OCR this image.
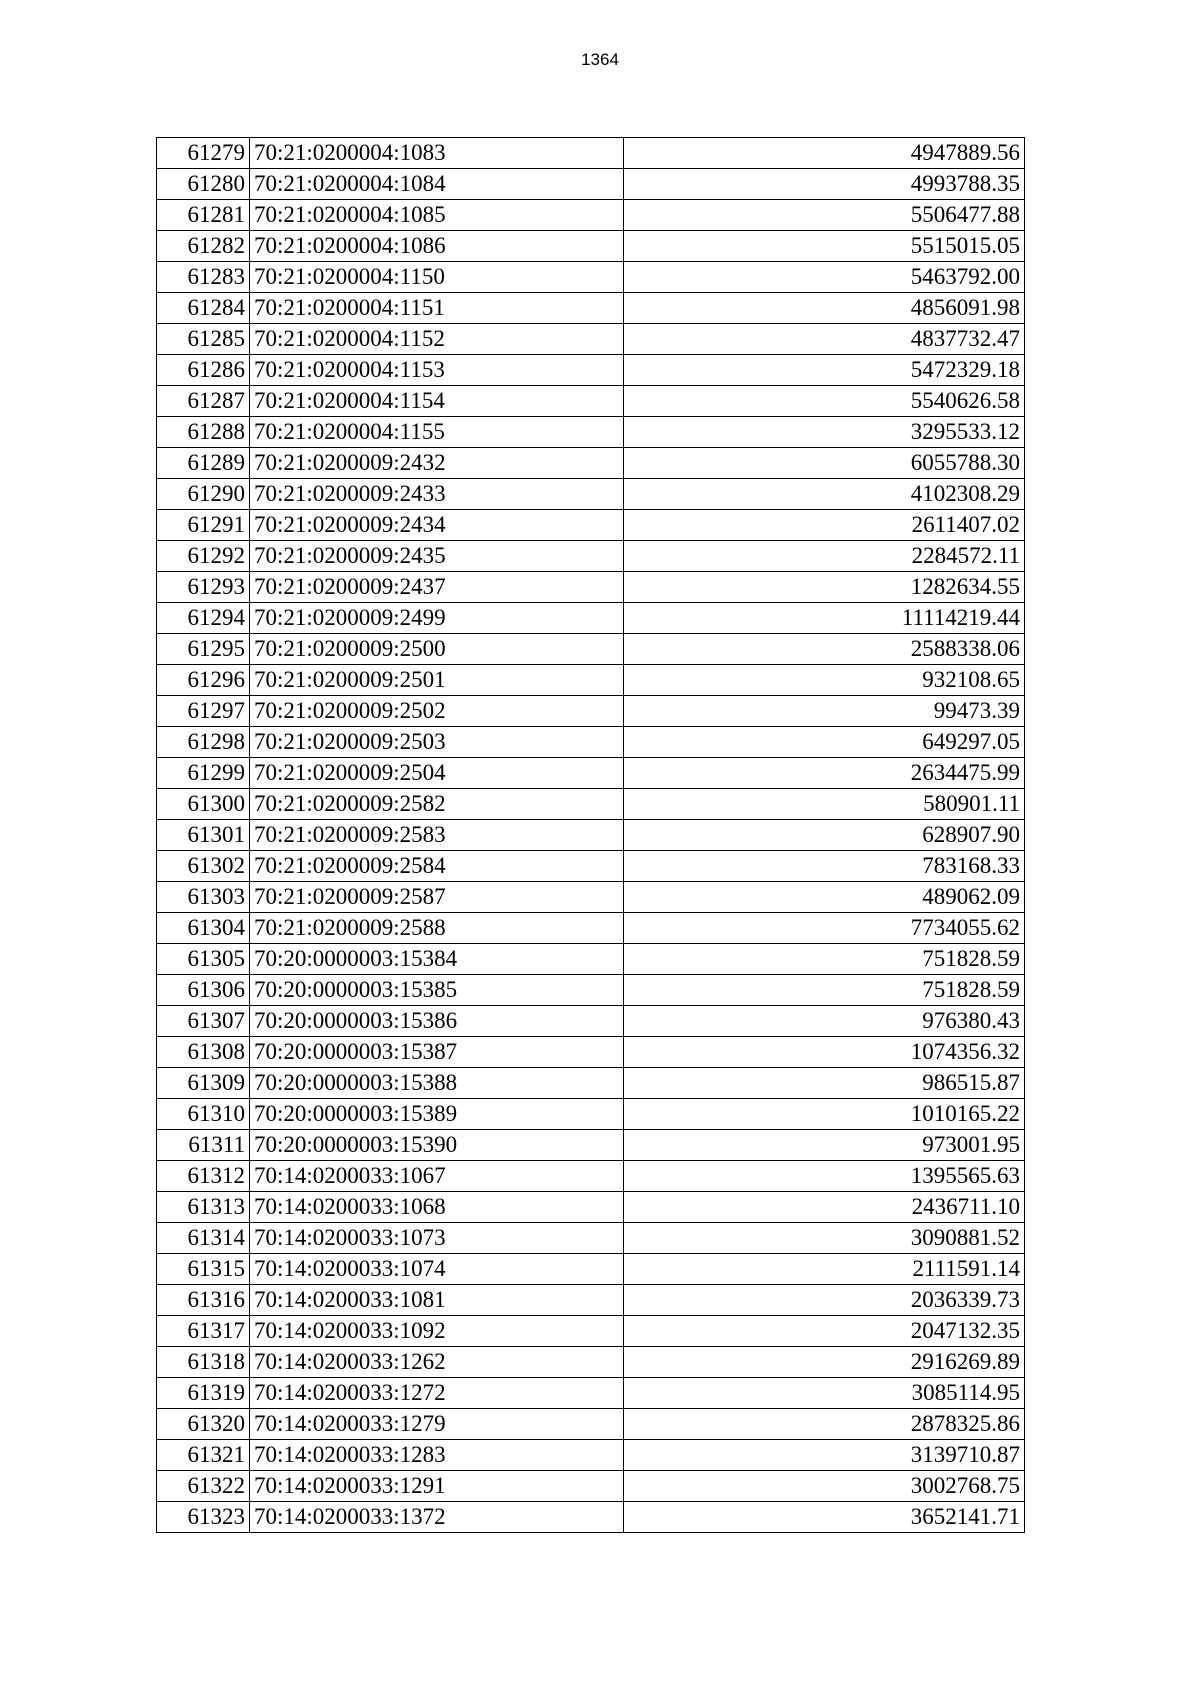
1364
61279	70:21:0200004:1083	4947889.56
61280	70:21:0200004:1084	4993788.35
61281	70:21:0200004:1085	5506477.88
61282	70:21:0200004:1086	5515015.05
61283	70:21:0200004:1150	5463792.00
61284	70:21:0200004:1151	4856091.98
61285	70:21:0200004:1152	4837732.47
61286	70:21:0200004:1153	5472329.18
61287	70:21:0200004:1154	5540626.58
61288	70:21:0200004:1155	3295533.12
61289	70:21:0200009:2432	6055788.30
61290	70:21:0200009:2433	4102308.29
61291	70:21:0200009:2434	2611407.02
61292	70:21:0200009:2435	2284572.11
61293	70:21:0200009:2437	1282634.55
61294	70:21:0200009:2499	11114219.44
61295	70:21:0200009:2500	2588338.06
61296	70:21:0200009:2501	932108.65
61297	70:21:0200009:2502	99473.39
61298	70:21:0200009:2503	649297.05
61299	70:21:0200009:2504	2634475.99
61300	70:21:0200009:2582	580901.11
61301	70:21:0200009:2583	628907.90
61302	70:21:0200009:2584	783168.33
61303	70:21:0200009:2587	489062.09
61304	70:21:0200009:2588	7734055.62
61305	70:20:0000003:15384	751828.59
61306	70:20:0000003:15385	751828.59
61307	70:20:0000003:15386	976380.43
61308	70:20:0000003:15387	1074356.32
61309	70:20:0000003:15388	986515.87
61310	70:20:0000003:15389	1010165.22
61311	70:20:0000003:15390	973001.95
61312	70:14:0200033:1067	1395565.63
61313	70:14:0200033:1068	2436711.10
61314	70:14:0200033:1073	3090881.52
61315	70:14:0200033:1074	2111591.14
61316	70:14:0200033:1081	2036339.73
61317	70:14:0200033:1092	2047132.35
61318	70:14:0200033:1262	2916269.89
61319	70:14:0200033:1272	3085114.95
61320	70:14:0200033:1279	2878325.86
61321	70:14:0200033:1283	3139710.87
61322	70:14:0200033:1291	3002768.75
61323	70:14:0200033:1372	3652141.71
